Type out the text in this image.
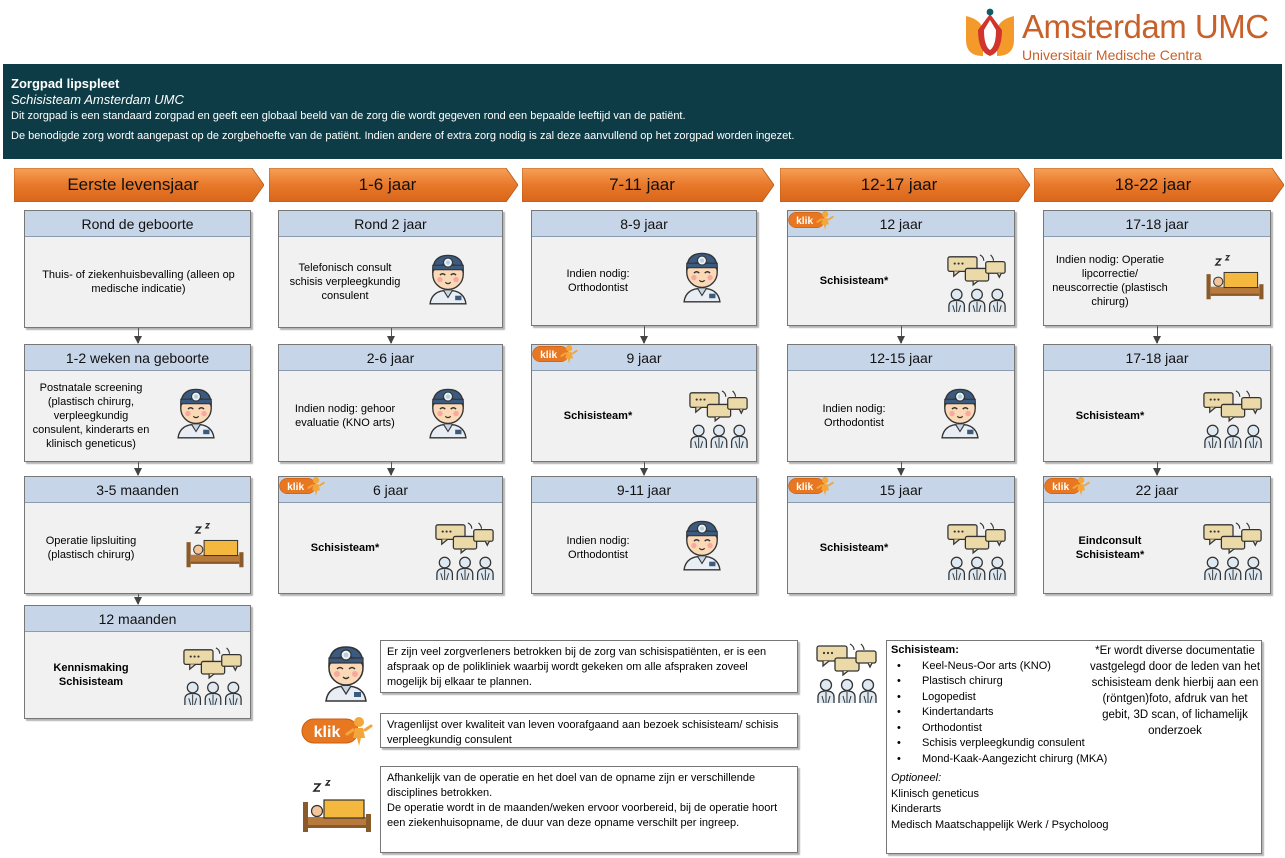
Amsterdam UMC
Universitair Medische Centra
Zorgpad lipspleet
Schisisteam Amsterdam UMC
Dit zorgpad is een standaard zorgpad en geeft een globaal beeld van de zorg die wordt gegeven rond een bepaalde leeftijd van de patiënt.
De benodigde zorg wordt aangepast op de zorgbehoefte van de patiënt. Indien andere of extra zorg nodig is zal deze aanvullend op het zorgpad worden ingezet.
Eerste levensjaar	1-6 jaar	7-11 jaar	12-17 jaar	18-22 jaar
Rond de geboorte
Thuis- of ziekenhuisbevalling (alleen op medische indicatie)
1-2 weken na geboorte
Postnatale screening (plastisch chirurg, verpleegkundig consulent, kinderarts en klinisch geneticus)
3-5 maanden
Operatie lipsluiting (plastisch chirurg)
12 maanden
Kennismaking Schisisteam
Rond 2 jaar
Telefonisch consult schisis verpleegkundig consulent
2-6 jaar
Indien nodig: gehoor evaluatie (KNO arts)
6 jaar
Schisisteam*
klik
8-9 jaar
Indien nodig: Orthodontist
9 jaar
Schisisteam*
klik
9-11 jaar
Indien nodig: Orthodontist
12 jaar
Schisisteam*
klik
12-15 jaar
Indien nodig: Orthodontist
15 jaar
Schisisteam*
klik
17-18 jaar
Indien nodig: Operatie lipcorrectie/ neuscorrectie (plastisch chirurg)
17-18 jaar
Schisisteam*
22 jaar
Eindconsult Schisisteam*
klik
Er zijn veel zorgverleners betrokken bij de zorg van schisispatiënten, er is een afspraak op de polikliniek waarbij wordt gekeken om alle afspraken zoveel mogelijk bij elkaar te plannen.
klik	Vragenlijst over kwaliteit van leven voorafgaand aan bezoek schisisteam/ schisis verpleegkundig consulent
Afhankelijk van de operatie en het doel van de opname zijn er verschillende disciplines betrokken.
De operatie wordt in de maanden/weken ervoor voorbereid, bij de operatie hoort een ziekenhuisopname, de duur van deze opname verschilt per ingreep.
Schisisteam:
• Keel-Neus-Oor arts (KNO)
• Plastisch chirurg
• Logopedist
• Kindertandarts
• Orthodontist
• Schisis verpleegkundig consulent
• Mond-Kaak-Aangezicht chirurg (MKA)
Optioneel:
Klinisch geneticus
Kinderarts
Medisch Maatschappelijk Werk / Psycholoog
*Er wordt diverse documentatie vastgelegd door de leden van het schisisteam denk hierbij aan een (röntgen)foto, afdruk van het gebit, 3D scan, of lichamelijk onderzoek
